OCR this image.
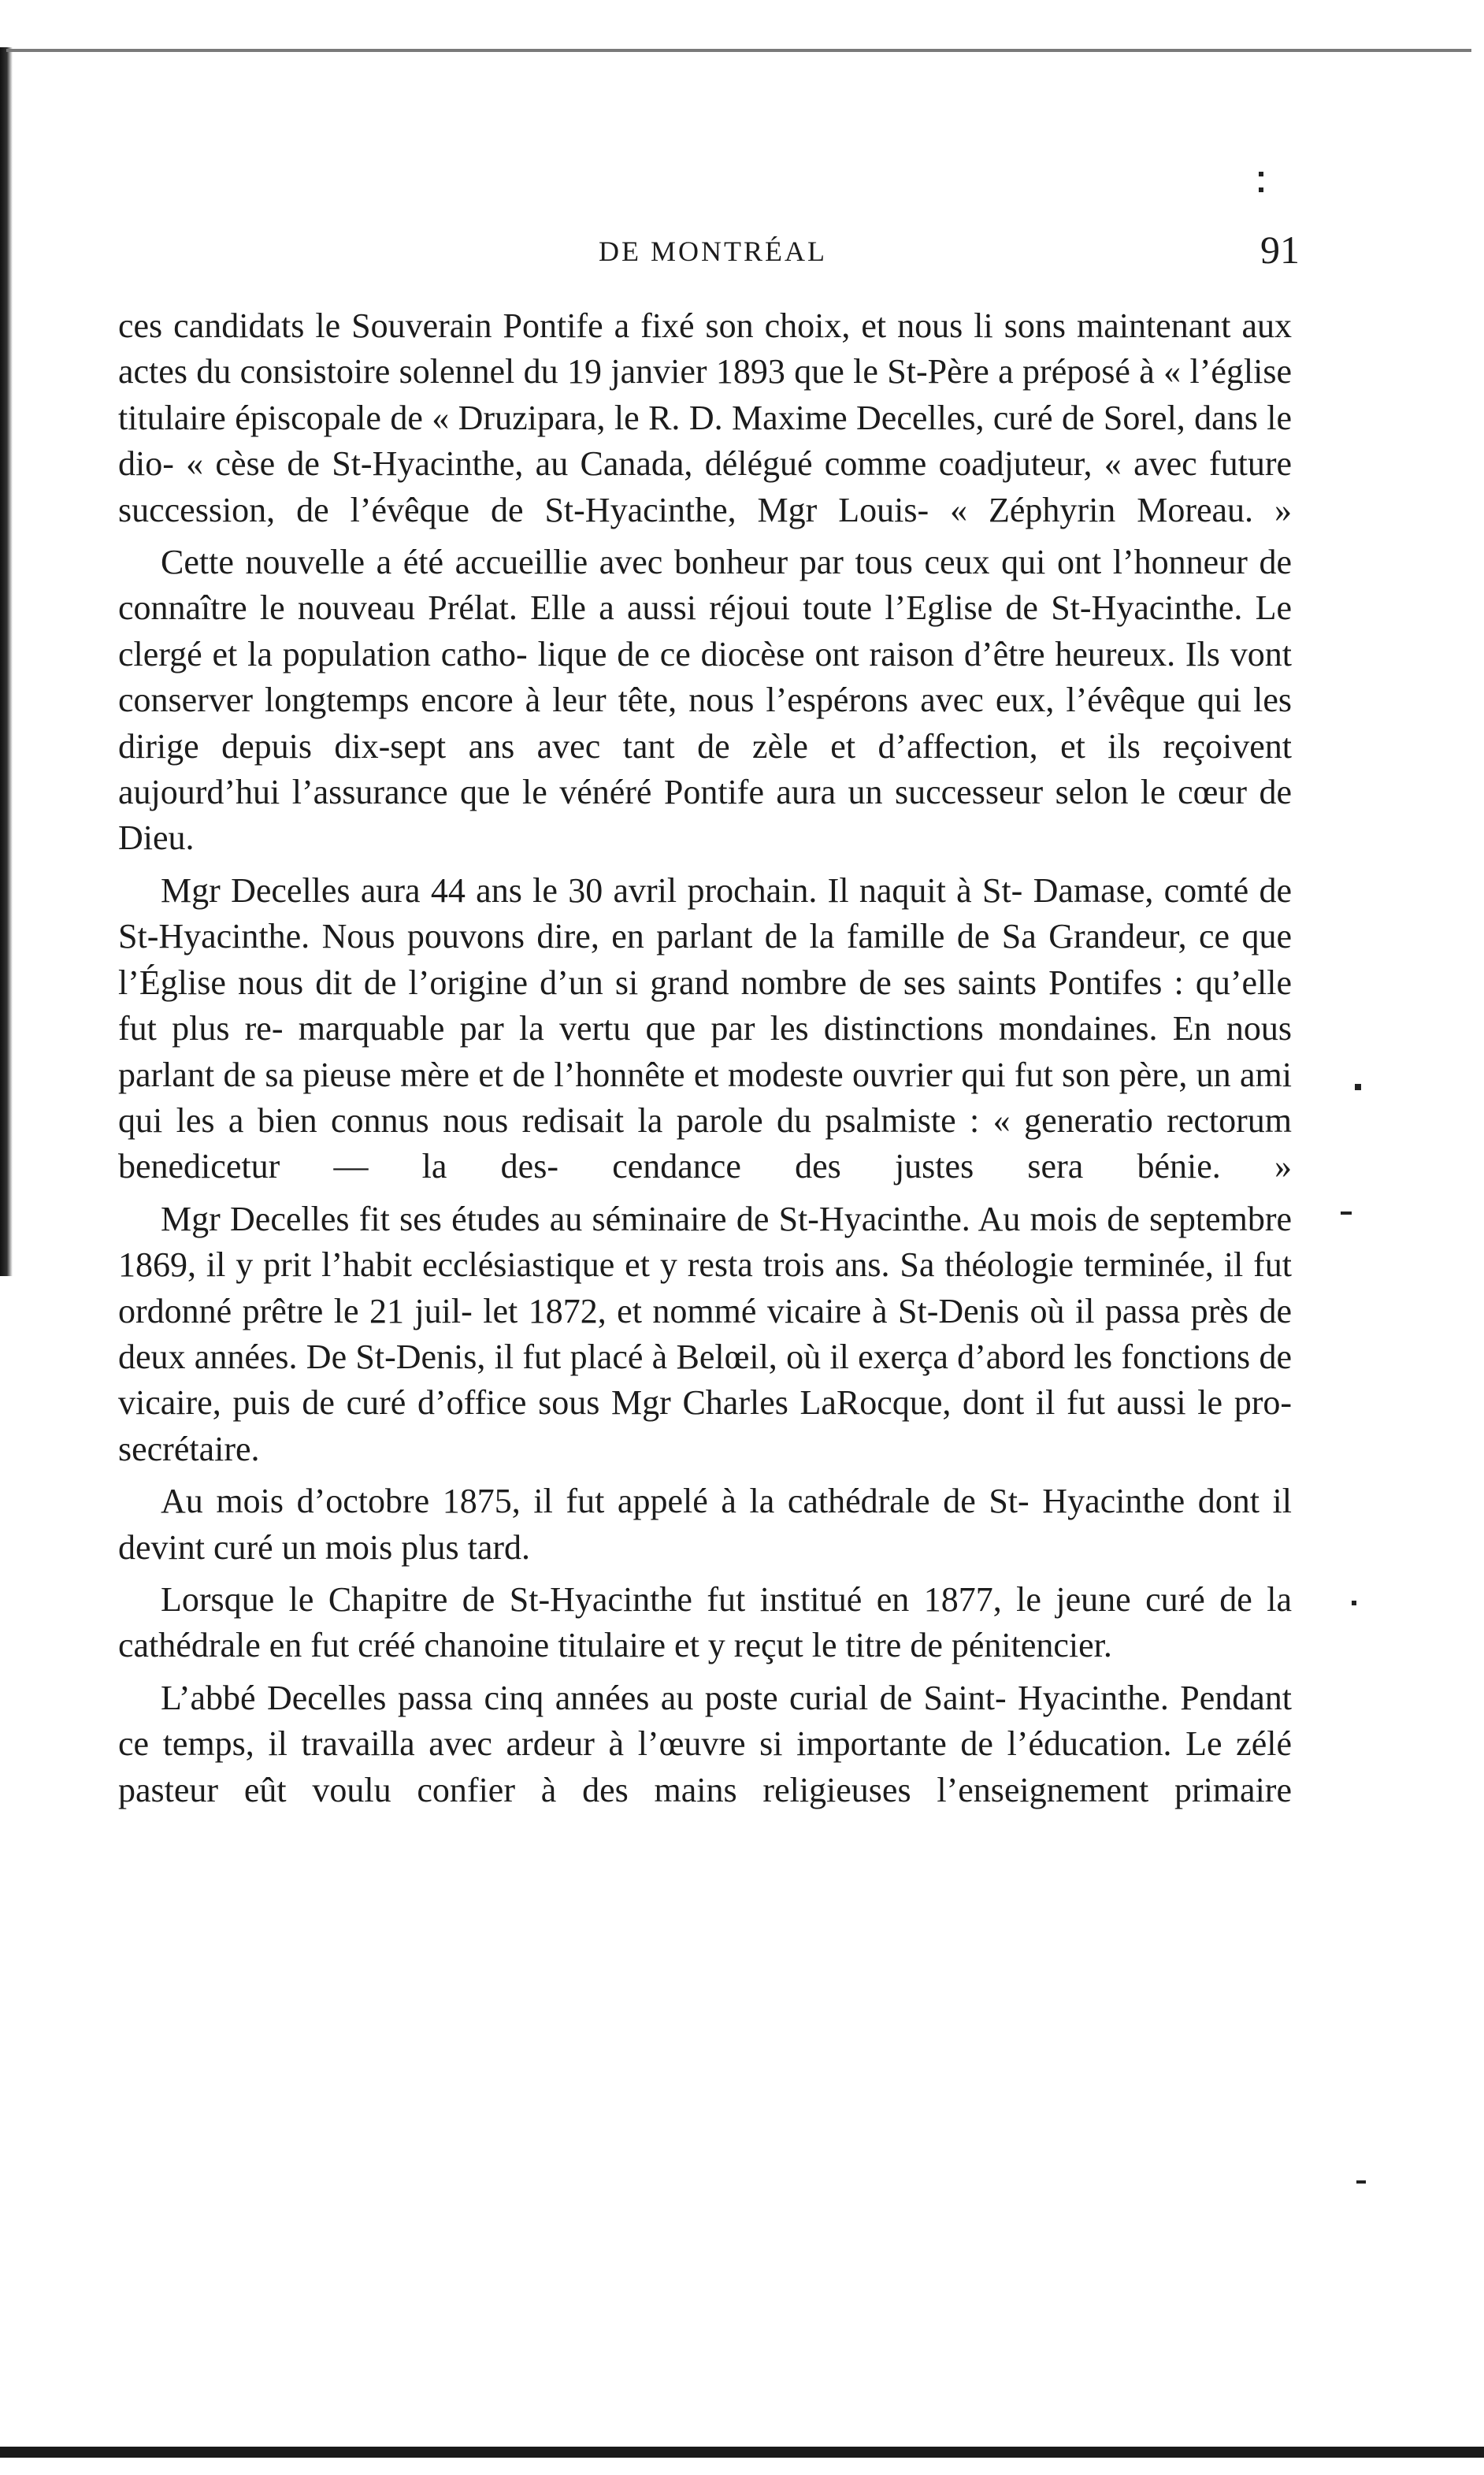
DE MONTRÉAL	91

ces candidats le Souverain Pontife a fixé son choix, et nous li sons maintenant aux actes du consistoire solennel du 19 janvier 1893 que le St-Père a préposé à « l’église titulaire épiscopale de « Druzipara, le R. D. Maxime Decelles, curé de Sorel, dans le dio- « cèse de St-Hyacinthe, au Canada, délégué comme coadjuteur, « avec future succession, de l’évêque de St-Hyacinthe, Mgr Louis- « Zéphyrin Moreau. »

Cette nouvelle a été accueillie avec bonheur par tous ceux qui ont l’honneur de connaître le nouveau Prélat. Elle a aussi réjoui toute l’Eglise de St-Hyacinthe. Le clergé et la population catho- lique de ce diocèse ont raison d’être heureux. Ils vont conserver longtemps encore à leur tête, nous l’espérons avec eux, l’évêque qui les dirige depuis dix-sept ans avec tant de zèle et d’affection, et ils reçoivent aujourd’hui l’assurance que le vénéré Pontife aura un successeur selon le cœur de Dieu.

Mgr Decelles aura 44 ans le 30 avril prochain. Il naquit à St- Damase, comté de St-Hyacinthe. Nous pouvons dire, en parlant de la famille de Sa Grandeur, ce que l’Église nous dit de l’origine d’un si grand nombre de ses saints Pontifes : qu’elle fut plus re- marquable par la vertu que par les distinctions mondaines. En nous parlant de sa pieuse mère et de l’honnête et modeste ouvrier qui fut son père, un ami qui les a bien connus nous redisait la parole du psalmiste : « generatio rectorum benedicetur — la des- cendance des justes sera bénie. »

Mgr Decelles fit ses études au séminaire de St-Hyacinthe. Au mois de septembre 1869, il y prit l’habit ecclésiastique et y resta trois ans. Sa théologie terminée, il fut ordonné prêtre le 21 juil- let 1872, et nommé vicaire à St-Denis où il passa près de deux années. De St-Denis, il fut placé à Belœil, où il exerça d’abord les fonctions de vicaire, puis de curé d’office sous Mgr Charles LaRocque, dont il fut aussi le pro-secrétaire.

Au mois d’octobre 1875, il fut appelé à la cathédrale de St- Hyacinthe dont il devint curé un mois plus tard.

Lorsque le Chapitre de St-Hyacinthe fut institué en 1877, le jeune curé de la cathédrale en fut créé chanoine titulaire et y reçut le titre de pénitencier.

L’abbé Decelles passa cinq années au poste curial de Saint- Hyacinthe. Pendant ce temps, il travailla avec ardeur à l’œuvre si importante de l’éducation. Le zélé pasteur eût voulu confier à des mains religieuses l’enseignement primaire
